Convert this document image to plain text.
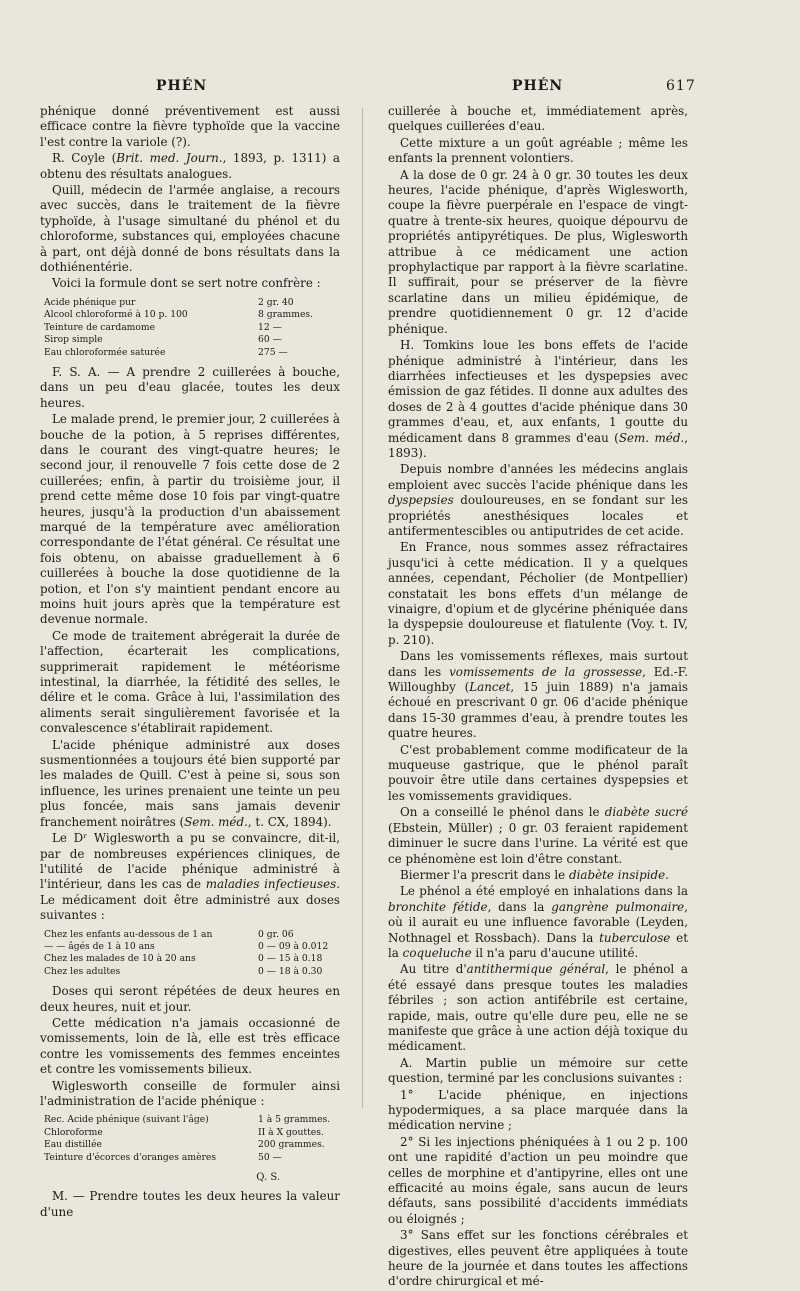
PHÉN	PHÉN	617

phénique donné préventivement est aussi efficace contre la fièvre typhoïde que la vaccine l'est contre la variole (?).

R. Coyle (Brit. med. Journ., 1893, p. 1311) a obtenu des résultats analogues.

Quill, médecin de l'armée anglaise, a recours avec succès, dans le traitement de la fièvre typhoïde, à l'usage simultané du phénol et du chloroforme, substances qui, employées chacune à part, ont déjà donné de bons résultats dans la dothiénentérie.

Voici la formule dont se sert notre confrère :

Acide phénique pur	2 gr. 40
Alcool chloroformé à 10 p. 100	8 grammes.
Teinture de cardamome	12 —
Sirop simple	60 —
Eau chloroformée saturée	275 —

F. S. A. — A prendre 2 cuillerées à bouche, dans un peu d'eau glacée, toutes les deux heures.

Le malade prend, le premier jour, 2 cuillerées à bouche de la potion, à 5 reprises différentes, dans le courant des vingt-quatre heures; le second jour, il renouvelle 7 fois cette dose de 2 cuillerées; enfin, à partir du troisième jour, il prend cette même dose 10 fois par vingt-quatre heures, jusqu'à la production d'un abaissement marqué de la température avec amélioration correspondante de l'état général. Ce résultat une fois obtenu, on abaisse graduellement à 6 cuillerées à bouche la dose quotidienne de la potion, et l'on s'y maintient pendant encore au moins huit jours après que la température est devenue normale.

Ce mode de traitement abrégerait la durée de l'affection, écarterait les complications, supprimerait rapidement le météorisme intestinal, la diarrhée, la fétidité des selles, le délire et le coma. Grâce à lui, l'assimilation des aliments serait singulièrement favorisée et la convalescence s'établirait rapidement.

L'acide phénique administré aux doses susmentionnées a toujours été bien supporté par les malades de Quill. C'est à peine si, sous son influence, les urines prenaient une teinte un peu plus foncée, mais sans jamais devenir franchement noirâtres (Sem. méd., t. CX, 1894).

Le Dʳ Wiglesworth a pu se convaincre, dit-il, par de nombreuses expériences cliniques, de l'utilité de l'acide phénique administré à l'intérieur, dans les cas de maladies infectieuses. Le médicament doit être administré aux doses suivantes :

Chez les enfants au-dessous de 1 an	0 gr. 06
— — âgés de 1 à 10 ans	0 — 09 à 0.012
Chez les malades de 10 à 20 ans	0 — 15 à 0.18
Chez les adultes	0 — 18 à 0.30

Doses qui seront répétées de deux heures en deux heures, nuit et jour.

Cette médication n'a jamais occasionné de vomissements, loin de là, elle est très efficace contre les vomissements des femmes enceintes et contre les vomissements bilieux.

Wiglesworth conseille de formuler ainsi l'administration de l'acide phénique :

Rec. Acide phénique (suivant l'âge)	1 à 5 grammes.
Chloroforme	II à X gouttes.
Eau distillée	200 grammes.
Teinture d'écorces d'oranges amères	50 —
Q. S.

M. — Prendre toutes les deux heures la valeur d'une

cuillerée à bouche et, immédiatement après, quelques cuillerées d'eau.

Cette mixture a un goût agréable ; même les enfants la prennent volontiers.

A la dose de 0 gr. 24 à 0 gr. 30 toutes les deux heures, l'acide phénique, d'après Wiglesworth, coupe la fièvre puerpérale en l'espace de vingt-quatre à trente-six heures, quoique dépourvu de propriétés antipyrétiques. De plus, Wiglesworth attribue à ce médicament une action prophylactique par rapport à la fièvre scarlatine. Il suffirait, pour se préserver de la fièvre scarlatine dans un milieu épidémique, de prendre quotidiennement 0 gr. 12 d'acide phénique.

H. Tomkins loue les bons effets de l'acide phénique administré à l'intérieur, dans les diarrhées infectieuses et les dyspepsies avec émission de gaz fétides. Il donne aux adultes des doses de 2 à 4 gouttes d'acide phénique dans 30 grammes d'eau, et, aux enfants, 1 goutte du médicament dans 8 grammes d'eau (Sem. méd., 1893).

Depuis nombre d'années les médecins anglais emploient avec succès l'acide phénique dans les dyspepsies douloureuses, en se fondant sur les propriétés anesthésiques locales et antifermentescibles ou antiputrides de cet acide.

En France, nous sommes assez réfractaires jusqu'ici à cette médication. Il y a quelques années, cependant, Pécholier (de Montpellier) constatait les bons effets d'un mélange de vinaigre, d'opium et de glycérine phéniquée dans la dyspepsie douloureuse et flatulente (Voy. t. IV, p. 210).

Dans les vomissements réflexes, mais surtout dans les vomissements de la grossesse, Ed.-F. Willoughby (Lancet, 15 juin 1889) n'a jamais échoué en prescrivant 0 gr. 06 d'acide phénique dans 15-30 grammes d'eau, à prendre toutes les quatre heures.

C'est probablement comme modificateur de la muqueuse gastrique, que le phénol paraît pouvoir être utile dans certaines dyspepsies et les vomissements gravidiques.

On a conseillé le phénol dans le diabète sucré (Ebstein, Müller) ; 0 gr. 03 feraient rapidement diminuer le sucre dans l'urine. La vérité est que ce phénomène est loin d'être constant.

Biermer l'a prescrit dans le diabète insipide.

Le phénol a été employé en inhalations dans la bronchite fétide, dans la gangrène pulmonaire, où il aurait eu une influence favorable (Leyden, Nothnagel et Rossbach). Dans la tuberculose et la coqueluche il n'a paru d'aucune utilité.

Au titre d'antithermique général, le phénol a été essayé dans presque toutes les maladies fébriles ; son action antifébrile est certaine, rapide, mais, outre qu'elle dure peu, elle ne se manifeste que grâce à une action déjà toxique du médicament.

A. Martin publie un mémoire sur cette question, terminé par les conclusions suivantes :

1° L'acide phénique, en injections hypodermiques, a sa place marquée dans la médication nervine ;

2° Si les injections phéniquées à 1 ou 2 p. 100 ont une rapidité d'action un peu moindre que celles de morphine et d'antipyrine, elles ont une efficacité au moins égale, sans aucun de leurs défauts, sans possibilité d'accidents immédiats ou éloignés ;

3° Sans effet sur les fonctions cérébrales et digestives, elles peuvent être appliquées à toute heure de la journée et dans toutes les affections d'ordre chirurgical et mé-
